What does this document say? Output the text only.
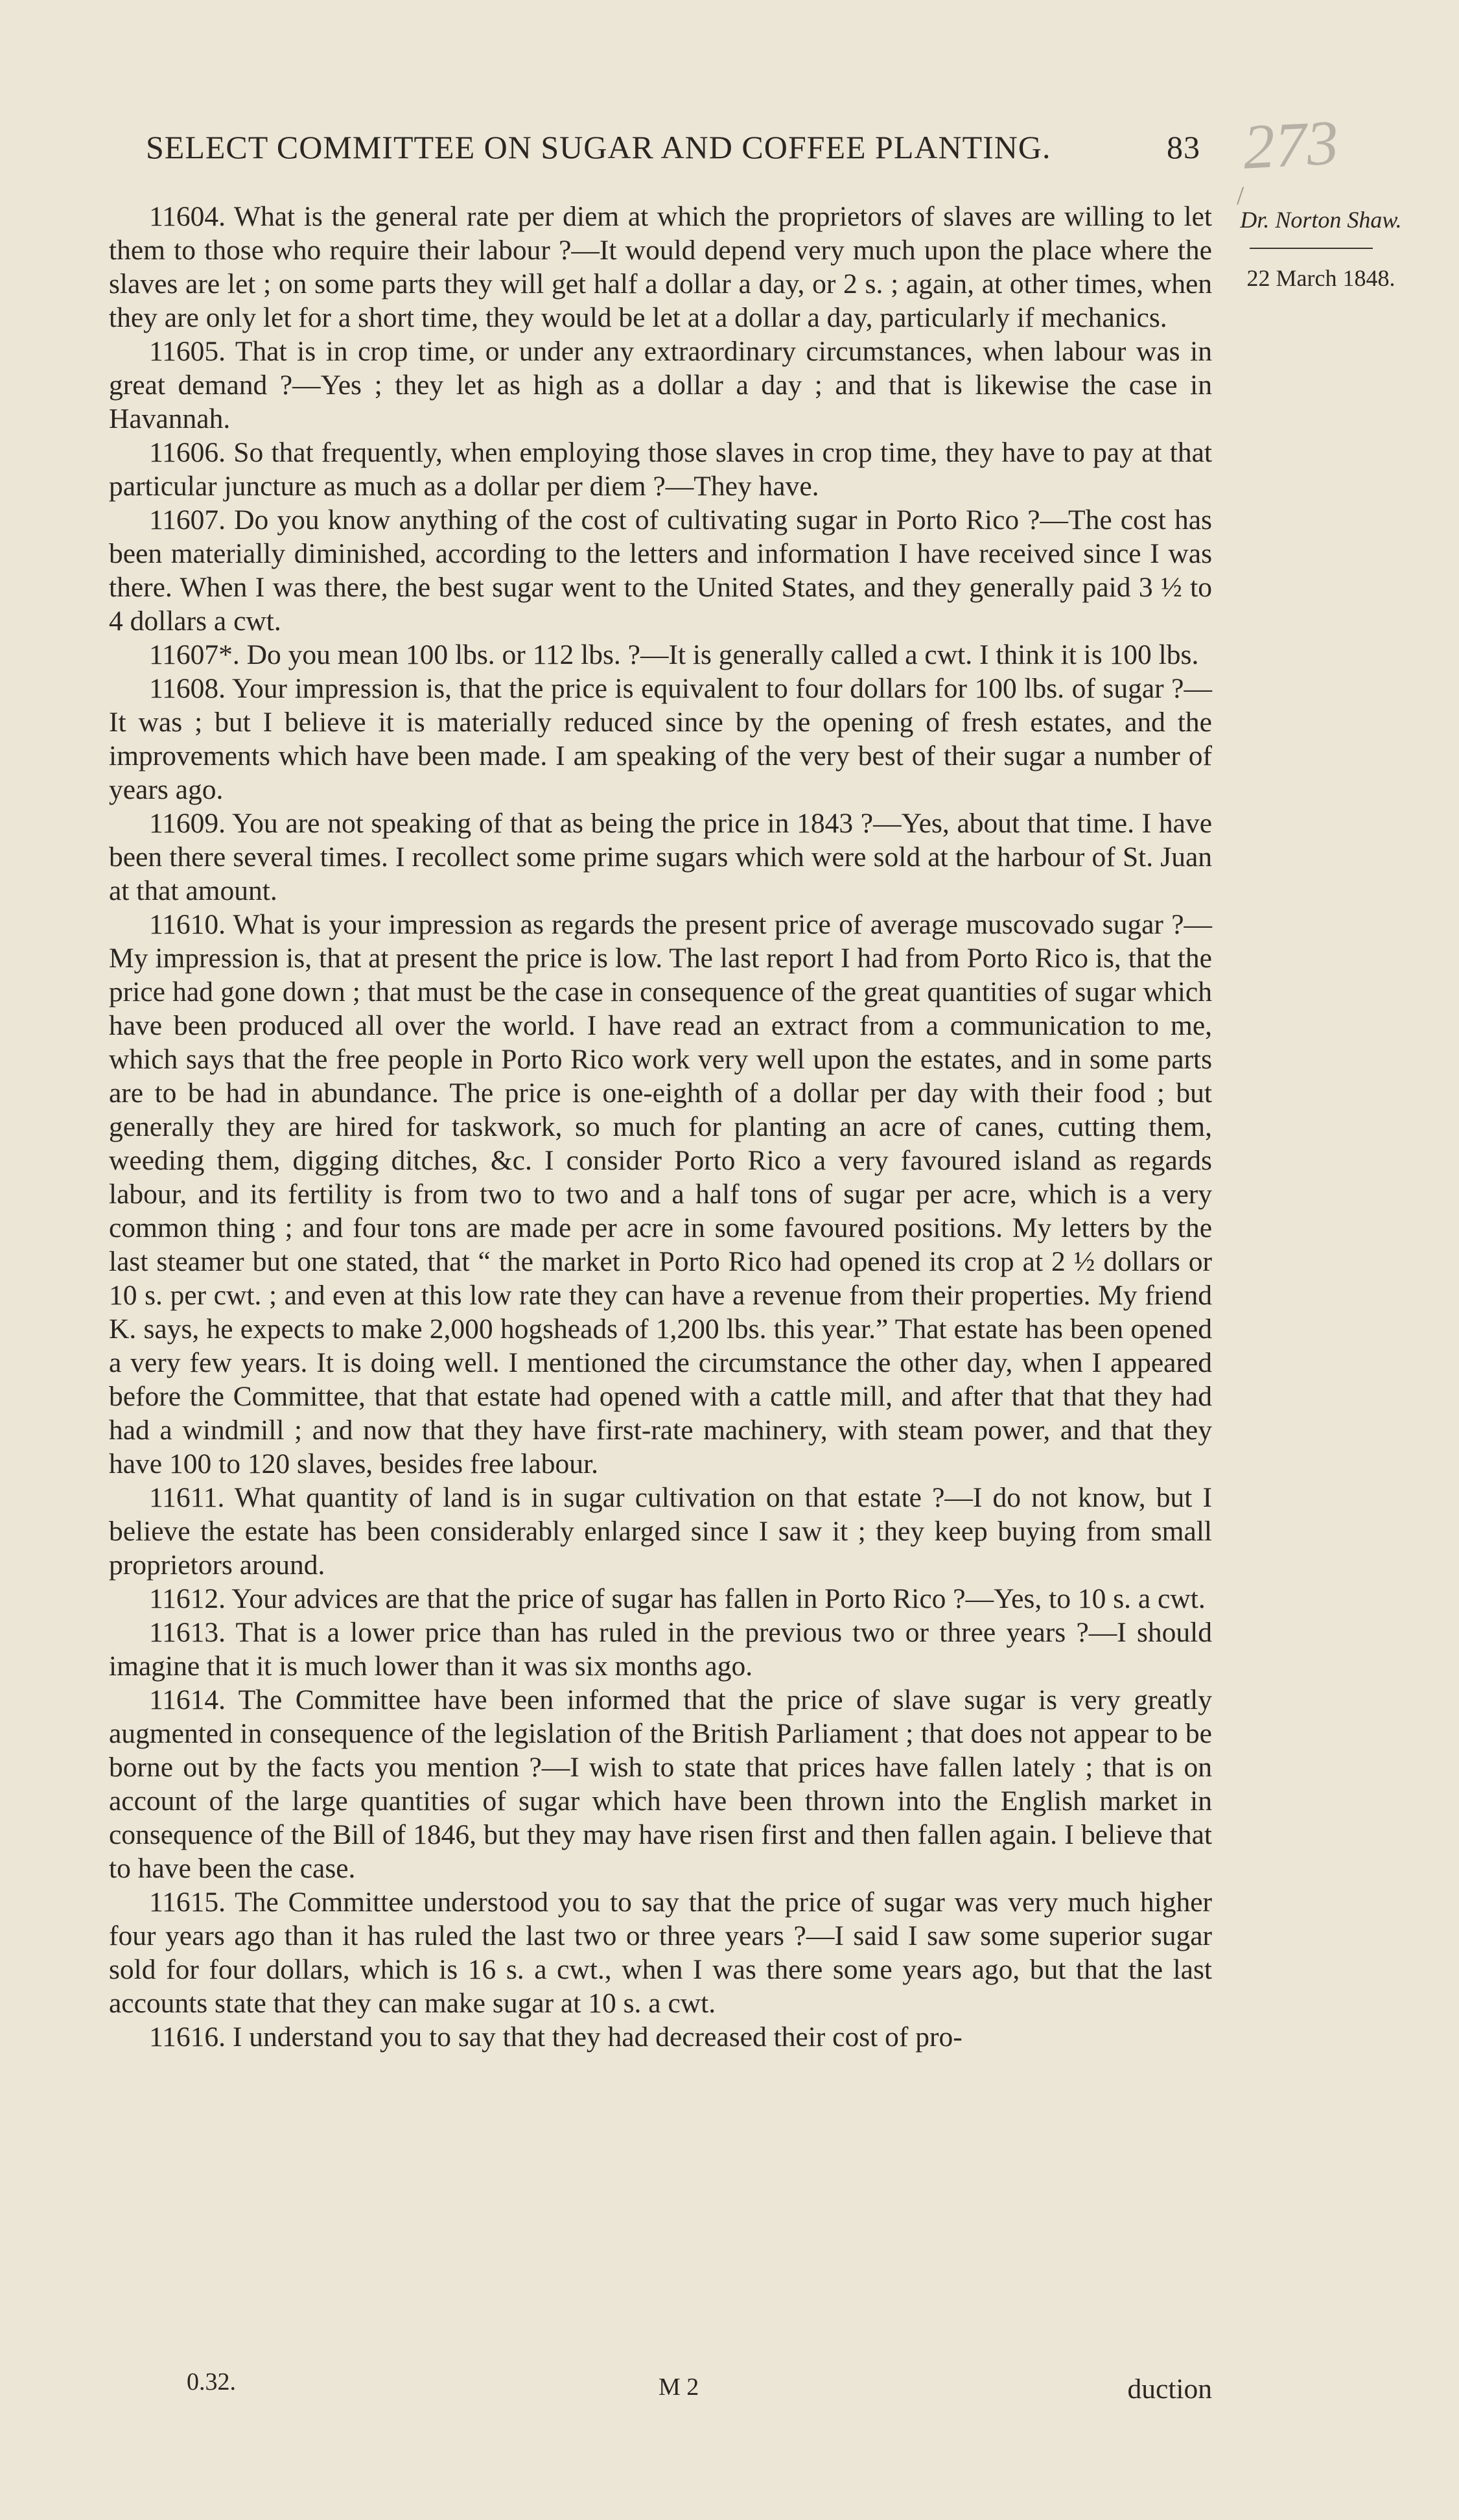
SELECT COMMITTEE ON SUGAR AND COFFEE PLANTING.	83 273
/
Dr. Norton Shaw.
22 March 1848.

11604. What is the general rate per diem at which the proprietors of slaves are willing to let them to those who require their labour ?—It would depend very much upon the place where the slaves are let ; on some parts they will get half a dollar a day, or 2 s. ; again, at other times, when they are only let for a short time, they would be let at a dollar a day, particularly if mechanics.

11605. That is in crop time, or under any extraordinary circumstances, when labour was in great demand ?—Yes ; they let as high as a dollar a day ; and that is likewise the case in Havannah.

11606. So that frequently, when employing those slaves in crop time, they have to pay at that particular juncture as much as a dollar per diem ?—They have.

11607. Do you know anything of the cost of cultivating sugar in Porto Rico ?—The cost has been materially diminished, according to the letters and information I have received since I was there. When I was there, the best sugar went to the United States, and they generally paid 3 ½ to 4 dollars a cwt.

11607*. Do you mean 100 lbs. or 112 lbs. ?—It is generally called a cwt. I think it is 100 lbs.

11608. Your impression is, that the price is equivalent to four dollars for 100 lbs. of sugar ?—It was ; but I believe it is materially reduced since by the opening of fresh estates, and the improvements which have been made. I am speaking of the very best of their sugar a number of years ago.

11609. You are not speaking of that as being the price in 1843 ?—Yes, about that time. I have been there several times. I recollect some prime sugars which were sold at the harbour of St. Juan at that amount.

11610. What is your impression as regards the present price of average muscovado sugar ?—My impression is, that at present the price is low. The last report I had from Porto Rico is, that the price had gone down ; that must be the case in consequence of the great quantities of sugar which have been produced all over the world. I have read an extract from a communication to me, which says that the free people in Porto Rico work very well upon the estates, and in some parts are to be had in abundance. The price is one-eighth of a dollar per day with their food ; but generally they are hired for taskwork, so much for planting an acre of canes, cutting them, weeding them, digging ditches, &c. I consider Porto Rico a very favoured island as regards labour, and its fertility is from two to two and a half tons of sugar per acre, which is a very common thing ; and four tons are made per acre in some favoured positions. My letters by the last steamer but one stated, that “ the market in Porto Rico had opened its crop at 2 ½ dollars or 10 s. per cwt. ; and even at this low rate they can have a revenue from their properties. My friend K. says, he expects to make 2,000 hogsheads of 1,200 lbs. this year.” That estate has been opened a very few years. It is doing well. I mentioned the circumstance the other day, when I appeared before the Committee, that that estate had opened with a cattle mill, and after that that they had had a windmill ; and now that they have first-rate machinery, with steam power, and that they have 100 to 120 slaves, besides free labour.

11611. What quantity of land is in sugar cultivation on that estate ?—I do not know, but I believe the estate has been considerably enlarged since I saw it ; they keep buying from small proprietors around.

11612. Your advices are that the price of sugar has fallen in Porto Rico ?—Yes, to 10 s. a cwt.

11613. That is a lower price than has ruled in the previous two or three years ?—I should imagine that it is much lower than it was six months ago.

11614. The Committee have been informed that the price of slave sugar is very greatly augmented in consequence of the legislation of the British Parliament ; that does not appear to be borne out by the facts you mention ?—I wish to state that prices have fallen lately ; that is on account of the large quantities of sugar which have been thrown into the English market in consequence of the Bill of 1846, but they may have risen first and then fallen again. I believe that to have been the case.

11615. The Committee understood you to say that the price of sugar was very much higher four years ago than it has ruled the last two or three years ?—I said I saw some superior sugar sold for four dollars, which is 16 s. a cwt., when I was there some years ago, but that the last accounts state that they can make sugar at 10 s. a cwt.

11616. I understand you to say that they had decreased their cost of pro-

0.32.	M 2	duction
